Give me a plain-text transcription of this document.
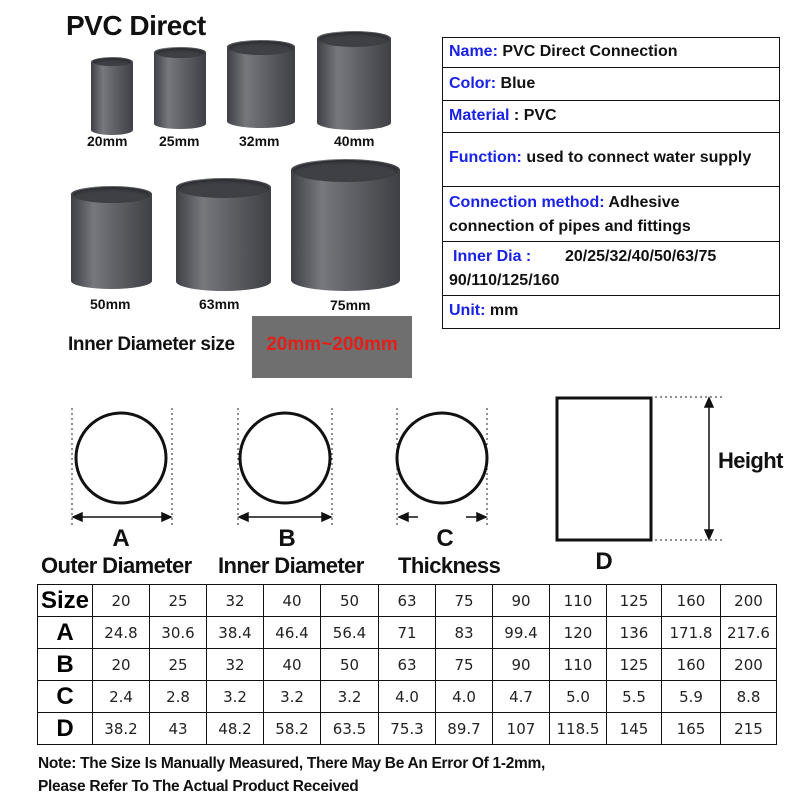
PVC Direct
20mm 25mm	32mm	40mm
50mm	63mm	75mm
Inner Diameter size	20mm~200mm
Name: PVC Direct Connection
Color: Blue
Material : PVC
Function: used to connect water supply
Connection method: Adhesive
connection of pipes and fittings
Inner Dia : 20/25/32/40/50/63/75
90/110/125/160
Unit: mm
A	B	C
D
Outer Diameter Inner Diameter Thickness
Height
Size	20	25	32	40	50	63	75	90	110	125	160	200
A	24.8	30.6	38.4	46.4	56.4	71	83	99.4	120	136	171.8	217.6
B	20	25	32	40	50	63	75	90	110	125	160	200
C	2.4	2.8	3.2	3.2	3.2	4.0	4.0	4.7	5.0	5.5	5.9	8.8
D	38.2	43	48.2	58.2	63.5	75.3	89.7	107	118.5	145	165	215
Note: The Size Is Manually Measured, There May Be An Error Of 1-2mm,
Please Refer To The Actual Product Received
